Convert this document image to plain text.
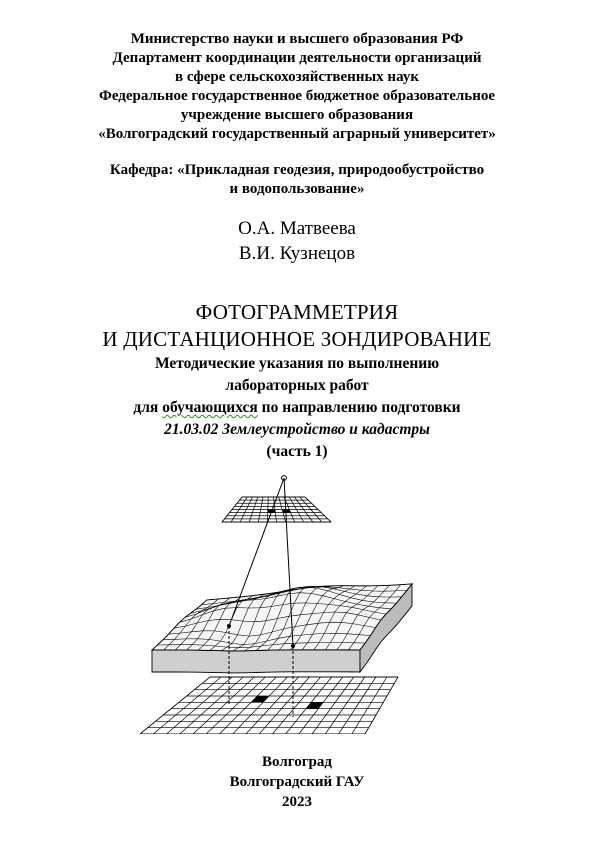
Министерство науки и высшего образования РФ
Департамент координации деятельности организаций
в сфере сельскохозяйственных наук
Федеральное государственное бюджетное образовательное
учреждение высшего образования
«Волгоградский государственный аграрный университет»
Кафедра: «Прикладная геодезия, природообустройство
и водопользование»
О.А. Матвеева
В.И. Кузнецов
ФОТОГРАММЕТРИЯ
И ДИСТАНЦИОННОЕ ЗОНДИРОВАНИЕ
Методические указания по выполнению
лабораторных работ
для обучающихся по направлению подготовки
21.03.02 Землеустройство и кадастры
(часть 1)
Волгоград
Волгоградский ГАУ
2023
